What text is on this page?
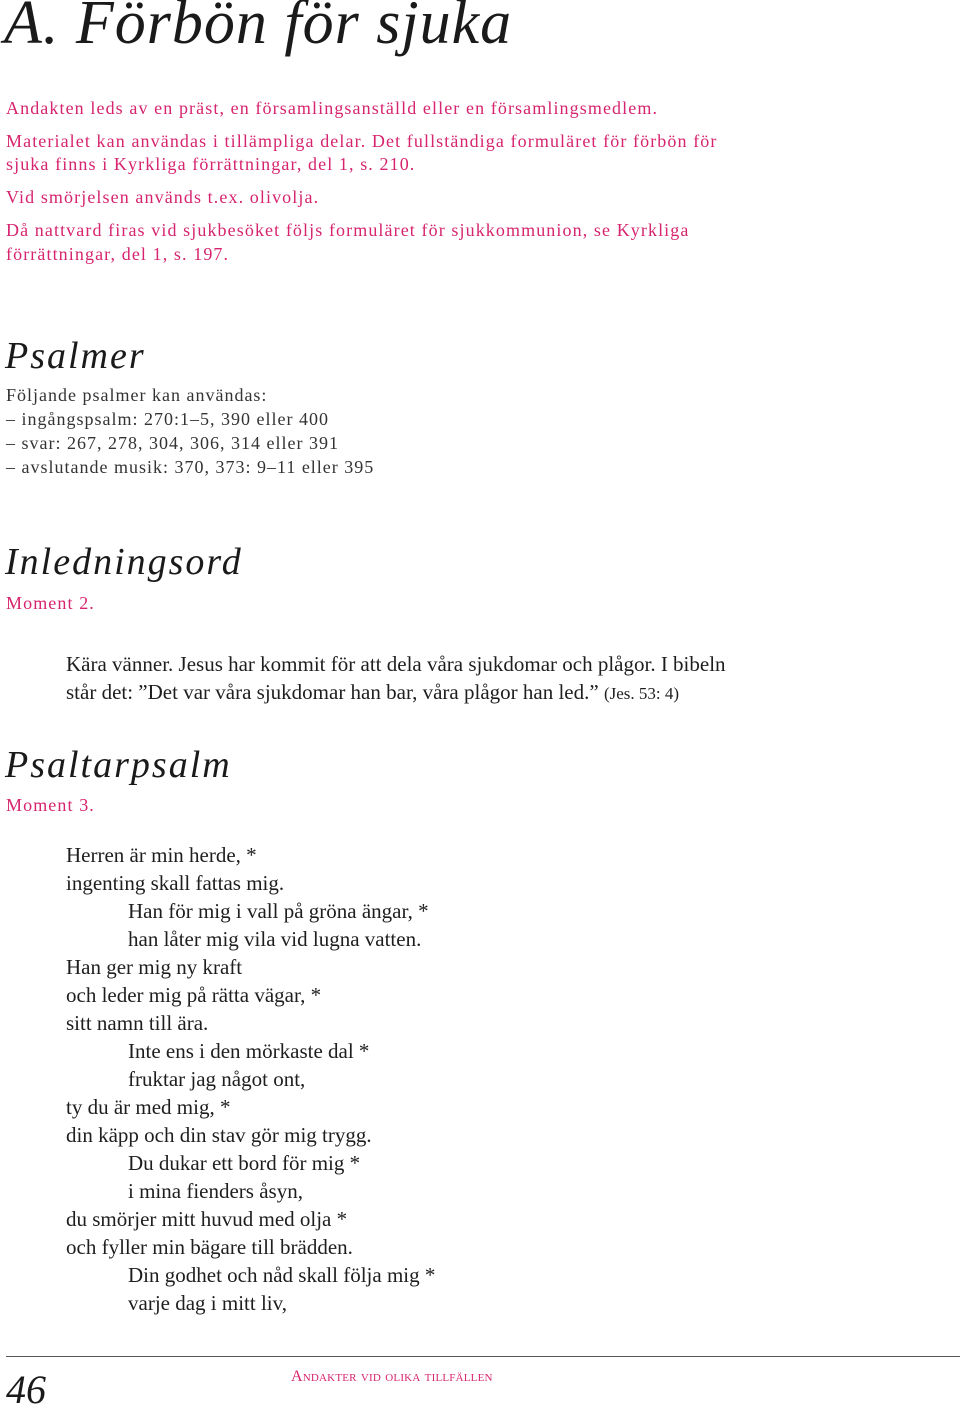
A. Förbön för sjuka
Andakten leds av en präst, en församlingsanställd eller en församlingsmedlem.
Materialet kan användas i tillämpliga delar. Det fullständiga formuläret för förbön för
sjuka finns i Kyrkliga förrättningar, del 1, s. 210.
Vid smörjelsen används t.ex. olivolja.
Då nattvard firas vid sjukbesöket följs formuläret för sjukkommunion, se Kyrkliga
förrättningar, del 1, s. 197.
Psalmer
Följande psalmer kan användas:
– ingångspsalm: 270:1–5, 390 eller 400
– svar: 267, 278, 304, 306, 314 eller 391
– avslutande musik: 370, 373: 9–11 eller 395
Inledningsord
Moment 2.
Kära vänner. Jesus har kommit för att dela våra sjukdomar och plågor. I bibeln
står det: ”Det var våra sjukdomar han bar, våra plågor han led.” (Jes. 53: 4)
Psaltarpsalm
Moment 3.
Herren är min herde, *
ingenting skall fattas mig.
Han för mig i vall på gröna ängar, *
han låter mig vila vid lugna vatten.
Han ger mig ny kraft
och leder mig på rätta vägar, *
sitt namn till ära.
Inte ens i den mörkaste dal *
fruktar jag något ont,
ty du är med mig, *
din käpp och din stav gör mig trygg.
Du dukar ett bord för mig *
i mina fienders åsyn,
du smörjer mitt huvud med olja *
och fyller min bägare till brädden.
Din godhet och nåd skall följa mig *
varje dag i mitt liv,
46	Andakter vid olika tillfällen
